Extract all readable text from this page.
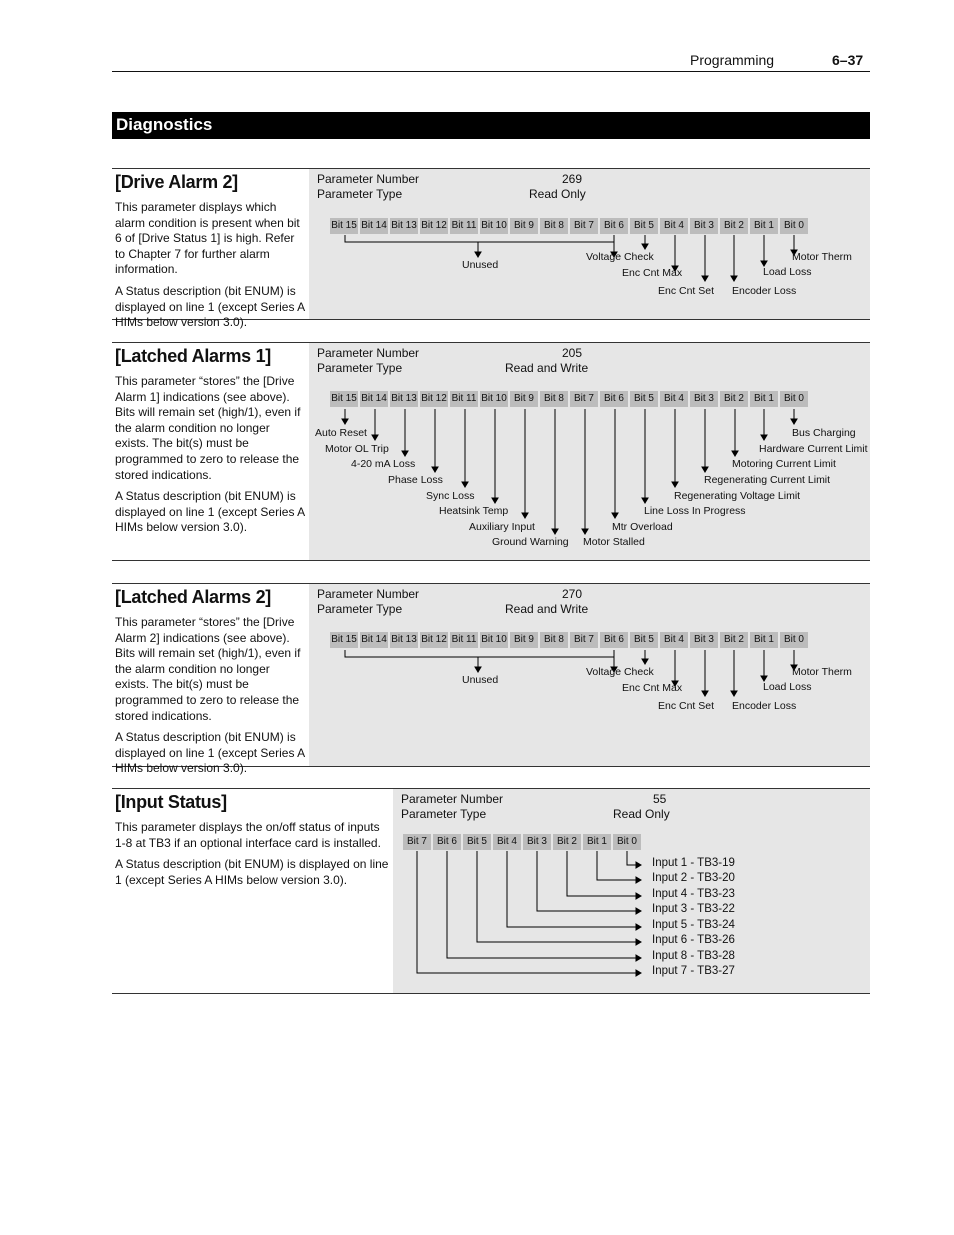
Programming	6–37
Diagnostics
[Drive Alarm 2]

This parameter displays which alarm condition is present when bit 6 of [Drive Status 1] is high. Refer to Chapter 7 for further alarm information.

A Status description (bit ENUM) is displayed on line 1 (except Series A HIMs below version 3.0).

Parameter Number	269
Parameter Type	Read Only
Bit 15 Bit 14 Bit 13 Bit 12 Bit 11 Bit 10 Bit 9 Bit 8 Bit 7 Bit 6 Bit 5 Bit 4 Bit 3 Bit 2 Bit 1 Bit 0
Unused
Voltage Check
Enc Cnt Max
Enc Cnt Set Encoder Loss
Motor Therm
Load Loss
[Latched Alarms 1]

This parameter “stores” the [Drive Alarm 1] indications (see above). Bits will remain set (high/1), even if the alarm condition no longer exists. The bit(s) must be programmed to zero to release the stored indications.

A Status description (bit ENUM) is displayed on line 1 (except Series A HIMs below version 3.0).

Parameter Number	205
Parameter Type	Read and Write
Bit 15 Bit 14 Bit 13 Bit 12 Bit 11 Bit 10 Bit 9 Bit 8 Bit 7 Bit 6 Bit 5 Bit 4 Bit 3 Bit 2 Bit 1 Bit 0
Auto Reset
Motor OL Trip
4-20 mA Loss
Phase Loss
Sync Loss
Heatsink Temp
Auxiliary Input
Ground Warning Motor Stalled
Mtr Overload
Line Loss In Progress
Regenerating Voltage Limit
Regenerating Current Limit
Motoring Current Limit
Hardware Current Limit
Bus Charging
[Latched Alarms 2]

This parameter “stores” the [Drive Alarm 2] indications (see above). Bits will remain set (high/1), even if the alarm condition no longer exists. The bit(s) must be programmed to zero to release the stored indications.

A Status description (bit ENUM) is displayed on line 1 (except Series A HIMs below version 3.0).

Parameter Number	270
Parameter Type	Read and Write
Bit 15 Bit 14 Bit 13 Bit 12 Bit 11 Bit 10 Bit 9 Bit 8 Bit 7 Bit 6 Bit 5 Bit 4 Bit 3 Bit 2 Bit 1 Bit 0
Unused
Voltage Check
Enc Cnt Max
Enc Cnt Set Encoder Loss
Motor Therm
Load Loss
[Input Status]

This parameter displays the on/off status of inputs 1-8 at TB3 if an optional interface card is installed.

A Status description (bit ENUM) is displayed on line 1 (except Series A HIMs below version 3.0).

Parameter Number	55
Parameter Type	Read Only
Bit 7 Bit 6 Bit 5 Bit 4 Bit 3 Bit 2 Bit 1 Bit 0
Input 1 - TB3-19
Input 2 - TB3-20
Input 4 - TB3-23
Input 3 - TB3-22
Input 5 - TB3-24
Input 6 - TB3-26
Input 8 - TB3-28
Input 7 - TB3-27
